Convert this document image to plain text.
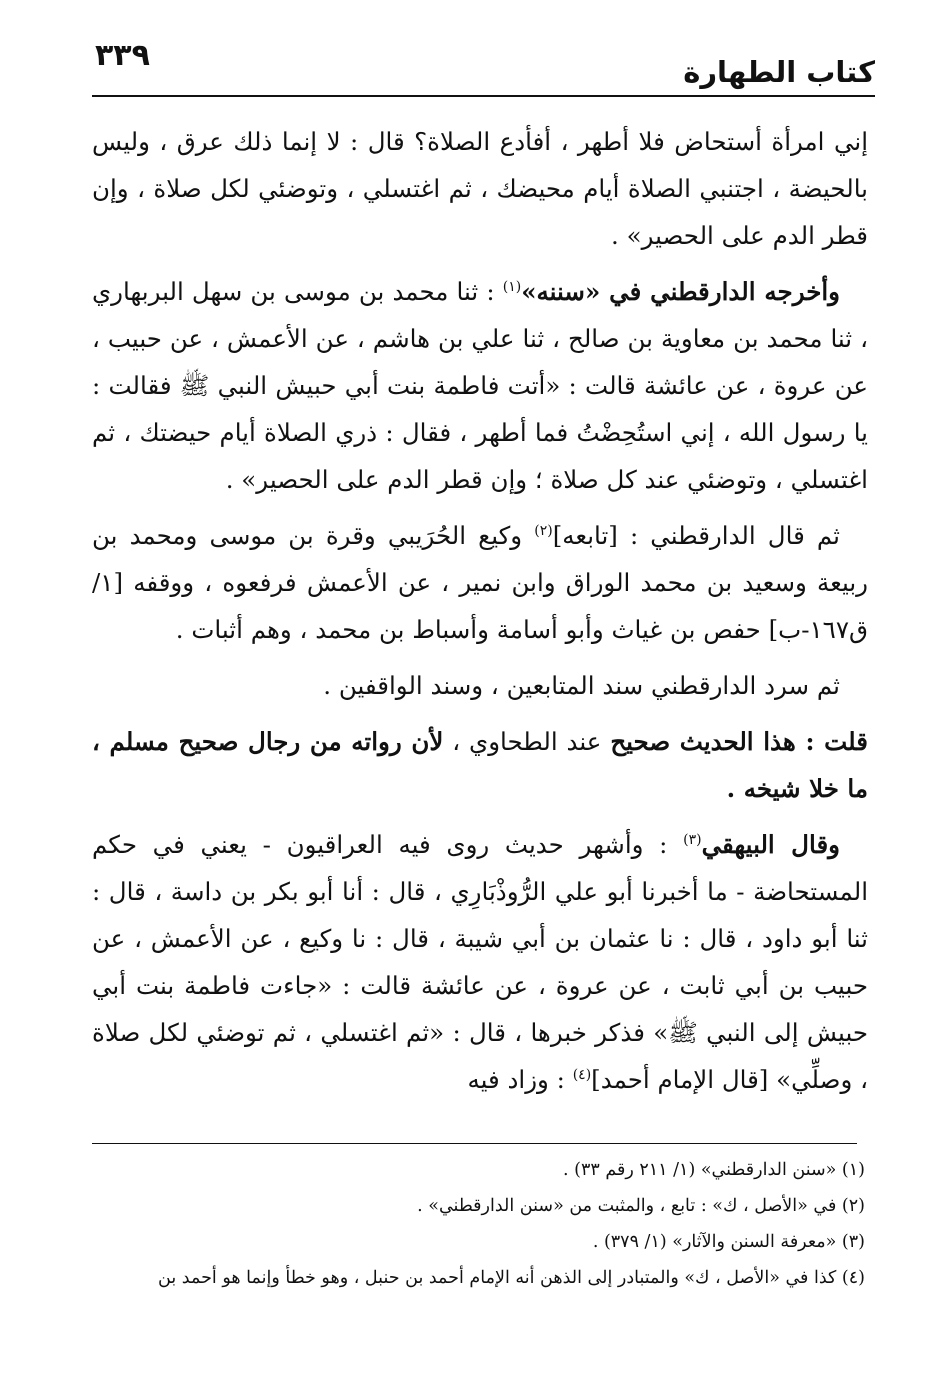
كتاب الطهارة
٣٣٩

إني امرأة أستحاض فلا أطهر ، أفأدع الصلاة؟ قال : لا إنما ذلك عرق ، وليس بالحيضة ، اجتنبي الصلاة أيام محيضك ، ثم اغتسلي ، وتوضئي لكل صلاة ، وإن قطر الدم على الحصير» .

وأخرجه الدارقطني في «سننه»$^{(١)}$ : ثنا محمد بن موسى بن سهل البربهاري ، ثنا محمد بن معاوية بن صالح ، ثنا علي بن هاشم ، عن الأعمش ، عن حبيب ، عن عروة ، عن عائشة قالت : «أتت فاطمة بنت أبي حبيش النبي ﷺ فقالت : يا رسول الله ، إني استُحِضْتُ فما أطهر ، فقال : ذري الصلاة أيام حيضتك ، ثم اغتسلي ، وتوضئي عند كل صلاة ؛ وإن قطر الدم على الحصير» .

ثم قال الدارقطني : [تابعه]$^{(٢)}$ وكيع الحُرَيبي وقرة بن موسى ومحمد بن ربيعة وسعيد بن محمد الوراق وابن نمير ، عن الأعمش فرفعوه ، ووقفه [١/ ق١٦٧-ب] حفص بن غياث وأبو أسامة وأسباط بن محمد ، وهم أثبات .

ثم سرد الدارقطني سند المتابعين ، وسند الواقفين .

قلت : هذا الحديث صحيح عند الطحاوي ، لأن رواته من رجال صحيح مسلم ، ما خلا شيخه .

وقال البيهقي$^{(٣)}$ : وأشهر حديث روى فيه العراقيون - يعني في حكم المستحاضة - ما أخبرنا أبو علي الرُّوذْبَارِي ، قال : أنا أبو بكر بن داسة ، قال : ثنا أبو داود ، قال : نا عثمان بن أبي شيبة ، قال : نا وكيع ، عن الأعمش ، عن حبيب بن أبي ثابت ، عن عروة ، عن عائشة قالت : «جاءت فاطمة بنت أبي حبيش إلى النبي ﷺ» فذكر خبرها ، قال : «ثم اغتسلي ، ثم توضئي لكل صلاة ، وصلِّي» [قال الإمام أحمد]$^{(٤)}$ : وزاد فيه

(١) «سنن الدارقطني» (١/ ٢١١ رقم ٣٣) .

(٢) في «الأصل ، ك» : تابع ، والمثبت من «سنن الدارقطني» .

(٣) «معرفة السنن والآثار» (١/ ٣٧٩) .

(٤) كذا في «الأصل ، ك» والمتبادر إلى الذهن أنه الإمام أحمد بن حنبل ، وهو خطأ وإنما هو أحمد بن
